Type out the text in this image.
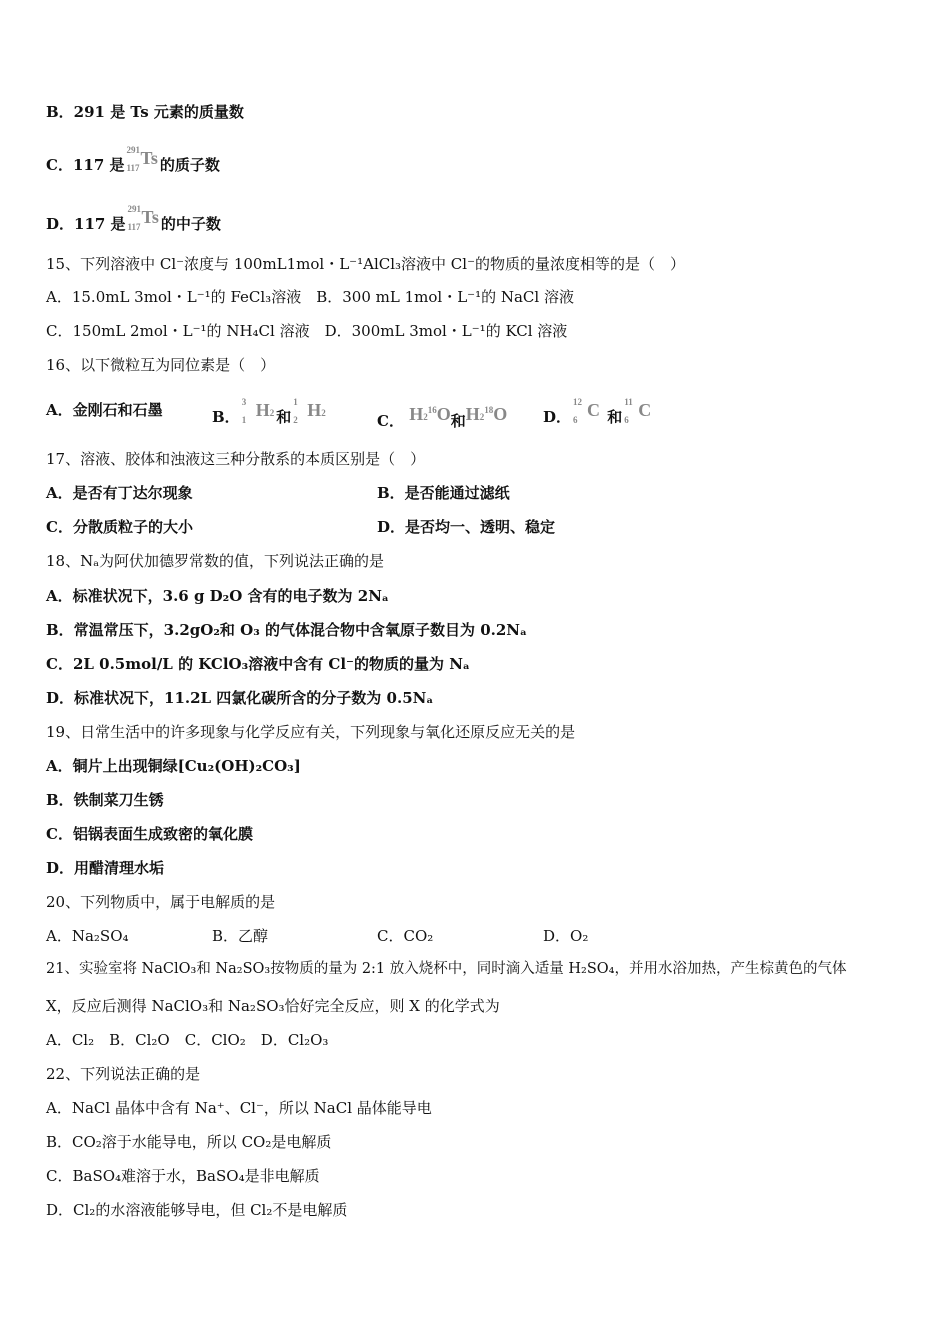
B．291 是 Ts 元素的质量数
C．117 是
291
117 Ts 的质子数
D．117 是
291
117 Ts 的中子数
15、下列溶液中 Cl⁻浓度与 100mL1mol・L⁻¹AlCl₃溶液中 Cl⁻的物质的量浓度相等的是（　）
A．15.0mL 3mol・L⁻¹的 FeCl₃溶液　 B．300 mL 1mol・L⁻¹的 NaCl 溶液
C．150mL 2mol・L⁻¹的 NH₄Cl 溶液　 D．300mL 3mol・L⁻¹的 KCl 溶液
16、以下微粒互为同位素是（　）
A．金刚石和石墨	B．
3
1 H2 和
1
2 H2	C． $H2^{16}O$和$H2^{18}O$ D．
12
6 C 和
11
6 C
17、溶液、胶体和浊液这三种分散系的本质区别是（　）
A．是否有丁达尔现象	B．是否能通过滤纸
C．分散质粒子的大小	D．是否均一、透明、稳定
18、Nₐ为阿伏加德罗常数的值，下列说法正确的是
A．标准状况下，3.6 g D₂O 含有的电子数为 2Nₐ
B．常温常压下，3.2gO₂和 O₃ 的气体混合物中含氧原子数目为 0.2Nₐ
C．2L 0.5mol/L 的 KClO₃溶液中含有 Cl⁻的物质的量为 Nₐ
D．标准状况下，11.2L 四氯化碳所含的分子数为 0.5Nₐ
19、日常生活中的许多现象与化学反应有关，下列现象与氧化还原反应无关的是
A．铜片上出现铜绿[Cu₂(OH)₂CO₃]
B．铁制菜刀生锈
C．铝锅表面生成致密的氧化膜
D．用醋清理水垢
20、下列物质中，属于电解质的是
A．Na₂SO₄	B．乙醇	C．CO₂	D．O₂
21、实验室将 NaClO₃和 Na₂SO₃按物质的量为 2:1 放入烧杯中，同时滴入适量 H₂SO₄，并用水浴加热，产生棕黄色的气体
X，反应后测得 NaClO₃和 Na₂SO₃恰好完全反应，则 X 的化学式为
A．Cl₂　B．Cl₂O　C．ClO₂　D．Cl₂O₃
22、下列说法正确的是
A．NaCl 晶体中含有 Na⁺、Cl⁻，所以 NaCl 晶体能导电
B．CO₂溶于水能导电，所以 CO₂是电解质
C．BaSO₄难溶于水，BaSO₄是非电解质
D．Cl₂的水溶液能够导电，但 Cl₂不是电解质
